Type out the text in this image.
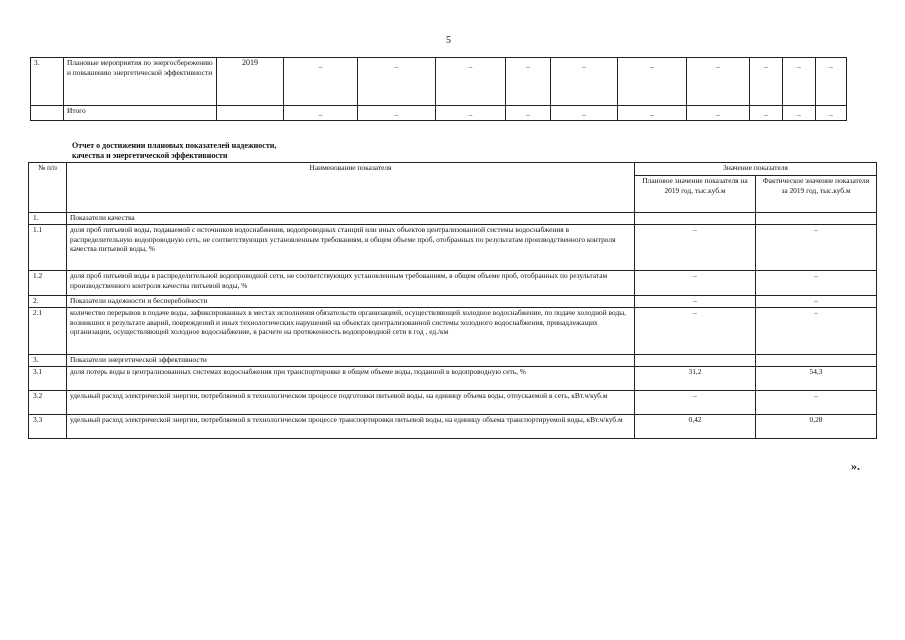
5
3.	Плановые мероприятия по энергосбережению и повышению энергетической эффективности	2019	–	–	–	–	–	–	–	–	–	–
	Итого		–	–	–	–	–	–	–	–	–	–
Отчет о достижении плановых показателей надежности,
качества и энергетической эффективности
№ п/п	Наименование показателя	Значение показателя	
		Плановое значение показателя на 2019 год, тыс.куб.м	Фактическое значение показателя за 2019 год, тыс.куб.м
1.	Показатели качества		
1.1	доля проб питьевой воды, подаваемой с источников водоснабжения, водопроводных станций или иных объектов централизованной системы водоснабжения в распределительную водопроводную сеть, не соответствующих установленным требованиям, в общем объеме проб, отобранных по результатам производственного контроля качества питьевой воды, %	–	–
1.2	доля проб питьевой воды в распределительной водопроводной сети, не соответствующих установленным требованиям, в общем объеме проб, отобранных по результатам производственного контроля качества питьевой воды, %	–	–
2.	Показатели надежности и бесперебойности	–	–
2.1	количество перерывов в подаче воды, зафиксированных в местах исполнения обязательств организацией, осуществляющей холодное водоснабжение, по подаче холодной воды, возникших в результате аварий, повреждений и иных технологических нарушений на объектах централизованной системы холодного водоснабжения, принадлежащих организации, осуществляющей холодное водоснабжение, в расчете на протяженность водопроводной сети в год , ед./км	–	–
3.	Показатели энергетической эффективности		
3.1	доля потерь воды в централизованных системах водоснабжения при транспортировке в общем объеме воды, поданной в водопроводную сеть, %	31,2	54,3
3.2	удельный расход электрической энергии, потребляемой в технологическом процессе подготовки питьевой воды, на единицу объема воды, отпускаемой в сеть, кВт.ч/куб.м	–	–
3.3	удельный расход электрической энергии, потребляемой в технологическом процессе транспортировки питьевой воды, на единицу объема транспортируемой воды, кВт.ч/куб.м	0,42	0,28
».
